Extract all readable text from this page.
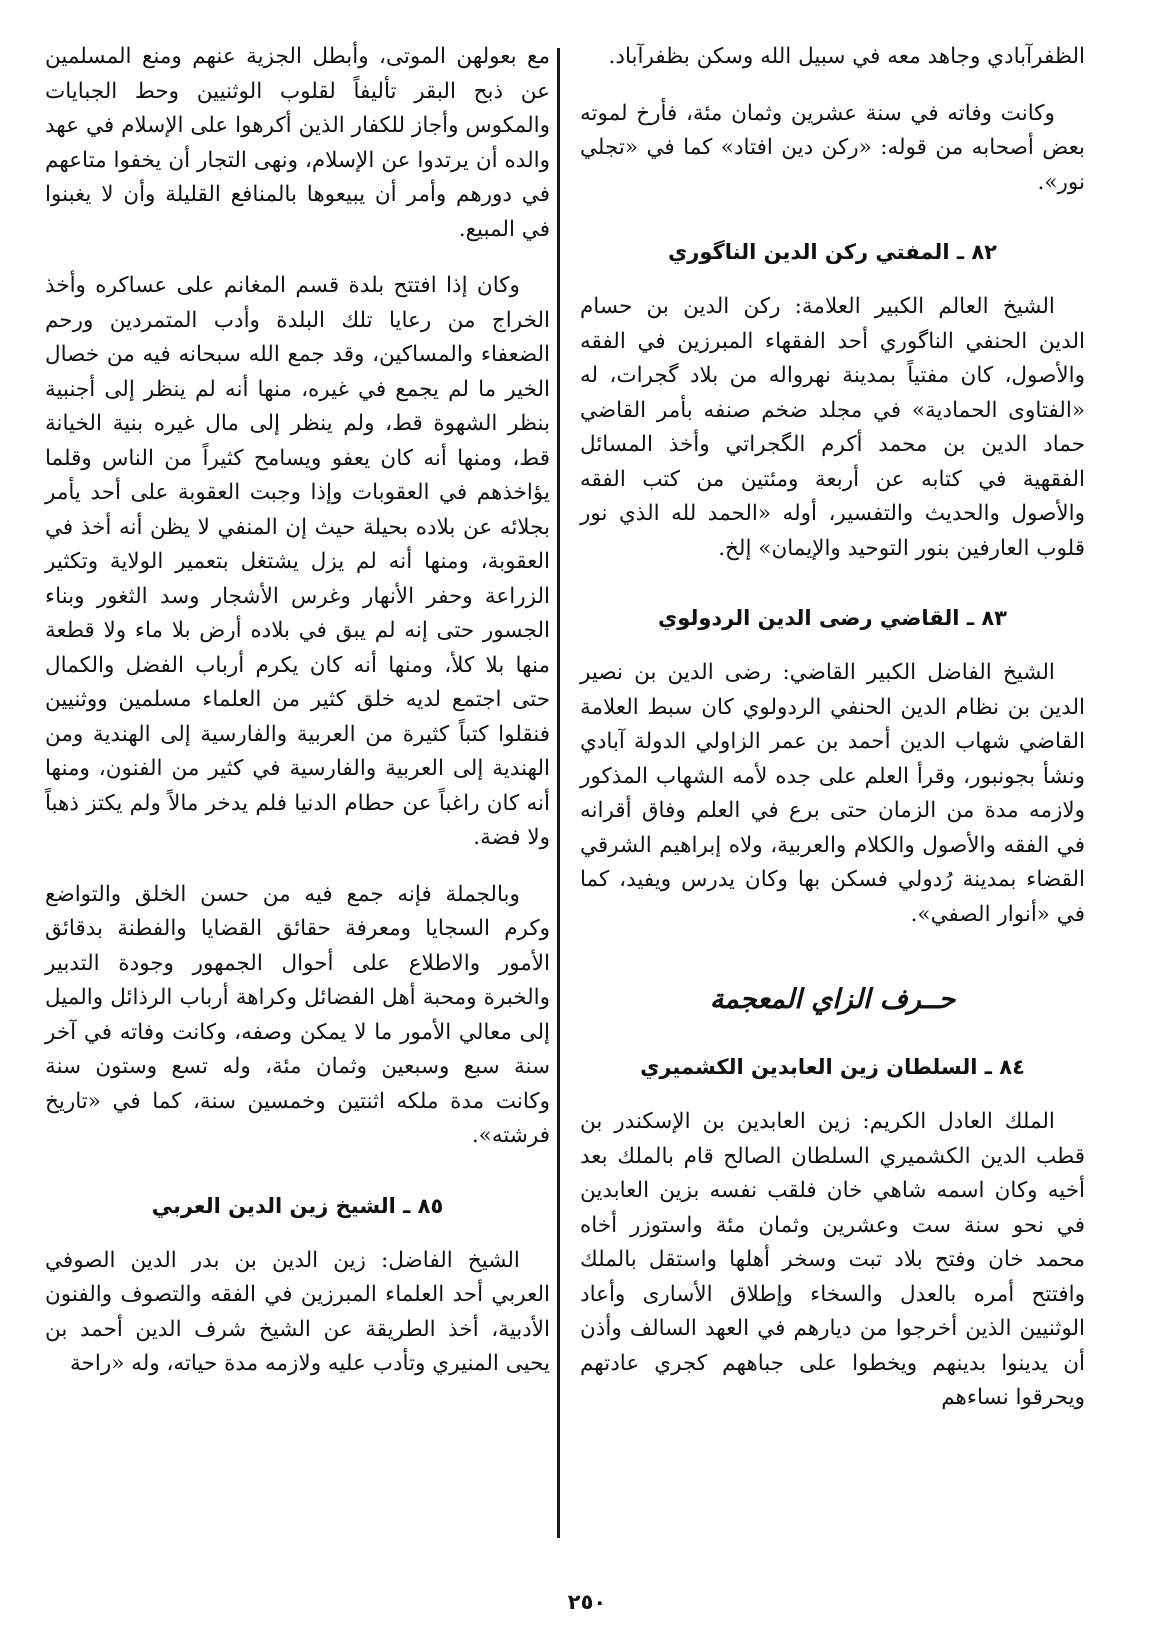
الظفرآبادي وجاهد معه في سبيل الله وسكن بظفرآباد.

وكانت وفاته في سنة عشرين وثمان مئة، فأرخ لموته بعض أصحابه من قوله: «ركن دين افتاد» كما في «تجلي نور».

٨٢ ـ المفتي ركن الدين الناگوري

الشيخ العالم الكبير العلامة: ركن الدين بن حسام الدين الحنفي الناگوري أحد الفقهاء المبرزين في الفقه والأصول، كان مفتياً بمدينة نهرواله من بلاد گجرات، له «الفتاوى الحمادية» في مجلد ضخم صنفه بأمر القاضي حماد الدين بن محمد أكرم الگجراتي وأخذ المسائل الفقهية في كتابه عن أربعة ومئتين من كتب الفقه والأصول والحديث والتفسير، أوله «الحمد لله الذي نور قلوب العارفين بنور التوحيد والإيمان» إلخ.

٨٣ ـ القاضي رضى الدين الردولوي

الشيخ الفاضل الكبير القاضي: رضى الدين بن نصير الدين بن نظام الدين الحنفي الردولوي كان سبط العلامة القاضي شهاب الدين أحمد بن عمر الزاولي الدولة آبادي ونشأ بجونبور، وقرأ العلم على جده لأمه الشهاب المذكور ولازمه مدة من الزمان حتى برع في العلم وفاق أقرانه في الفقه والأصول والكلام والعربية، ولاه إبراهيم الشرقي القضاء بمدينة رُدولي فسكن بها وكان يدرس ويفيد، كما في «أنوار الصفي».

حــرف الزاي المعجمة
٨٤ ـ السلطان زين العابدين الكشميري

الملك العادل الكريم: زين العابدين بن الإسكندر بن قطب الدين الكشميري السلطان الصالح قام بالملك بعد أخيه وكان اسمه شاهي خان فلقب نفسه بزين العابدين في نحو سنة ست وعشرين وثمان مئة واستوزر أخاه محمد خان وفتح بلاد تبت وسخر أهلها واستقل بالملك وافتتح أمره بالعدل والسخاء وإطلاق الأسارى وأعاد الوثنيين الذين أخرجوا من ديارهم في العهد السالف وأذن أن يدينوا بدينهم ويخطوا على جباههم كجري عادتهم ويحرقوا نساءهم

مع بعولهن الموتى، وأبطل الجزية عنهم ومنع المسلمين عن ذبح البقر تأليفاً لقلوب الوثنيين وحط الجبايات والمكوس وأجاز للكفار الذين أكرهوا على الإسلام في عهد والده أن يرتدوا عن الإسلام، ونهى التجار أن يخفوا متاعهم في دورهم وأمر أن يبيعوها بالمنافع القليلة وأن لا يغبنوا في المبيع.

وكان إذا افتتح بلدة قسم المغانم على عساكره وأخذ الخراج من رعايا تلك البلدة وأدب المتمردين ورحم الضعفاء والمساكين، وقد جمع الله سبحانه فيه من خصال الخير ما لم يجمع في غيره، منها أنه لم ينظر إلى أجنبية بنظر الشهوة قط، ولم ينظر إلى مال غيره بنية الخيانة قط، ومنها أنه كان يعفو ويسامح كثيراً من الناس وقلما يؤاخذهم في العقوبات وإذا وجبت العقوبة على أحد يأمر بجلائه عن بلاده بحيلة حيث إن المنفي لا يظن أنه أخذ في العقوبة، ومنها أنه لم يزل يشتغل بتعمير الولاية وتكثير الزراعة وحفر الأنهار وغرس الأشجار وسد الثغور وبناء الجسور حتى إنه لم يبق في بلاده أرض بلا ماء ولا قطعة منها بلا كلأ، ومنها أنه كان يكرم أرباب الفضل والكمال حتى اجتمع لديه خلق كثير من العلماء مسلمين ووثنيين فنقلوا كتباً كثيرة من العربية والفارسية إلى الهندية ومن الهندية إلى العربية والفارسية في كثير من الفنون، ومنها أنه كان راغباً عن حطام الدنيا فلم يدخر مالاً ولم يكتز ذهباً ولا فضة.

وبالجملة فإنه جمع فيه من حسن الخلق والتواضع وكرم السجايا ومعرفة حقائق القضايا والفطنة بدقائق الأمور والاطلاع على أحوال الجمهور وجودة التدبير والخبرة ومحبة أهل الفضائل وكراهة أرباب الرذائل والميل إلى معالي الأمور ما لا يمكن وصفه، وكانت وفاته في آخر سنة سبع وسبعين وثمان مئة، وله تسع وستون سنة وكانت مدة ملكه اثنتين وخمسين سنة، كما في «تاريخ فرشته».

٨٥ ـ الشيخ زين الدين العربي

الشيخ الفاضل: زين الدين بن بدر الدين الصوفي العربي أحد العلماء المبرزين في الفقه والتصوف والفنون الأدبية، أخذ الطريقة عن الشيخ شرف الدين أحمد بن يحيى المنيري وتأدب عليه ولازمه مدة حياته، وله «راحة

٢٥٠
